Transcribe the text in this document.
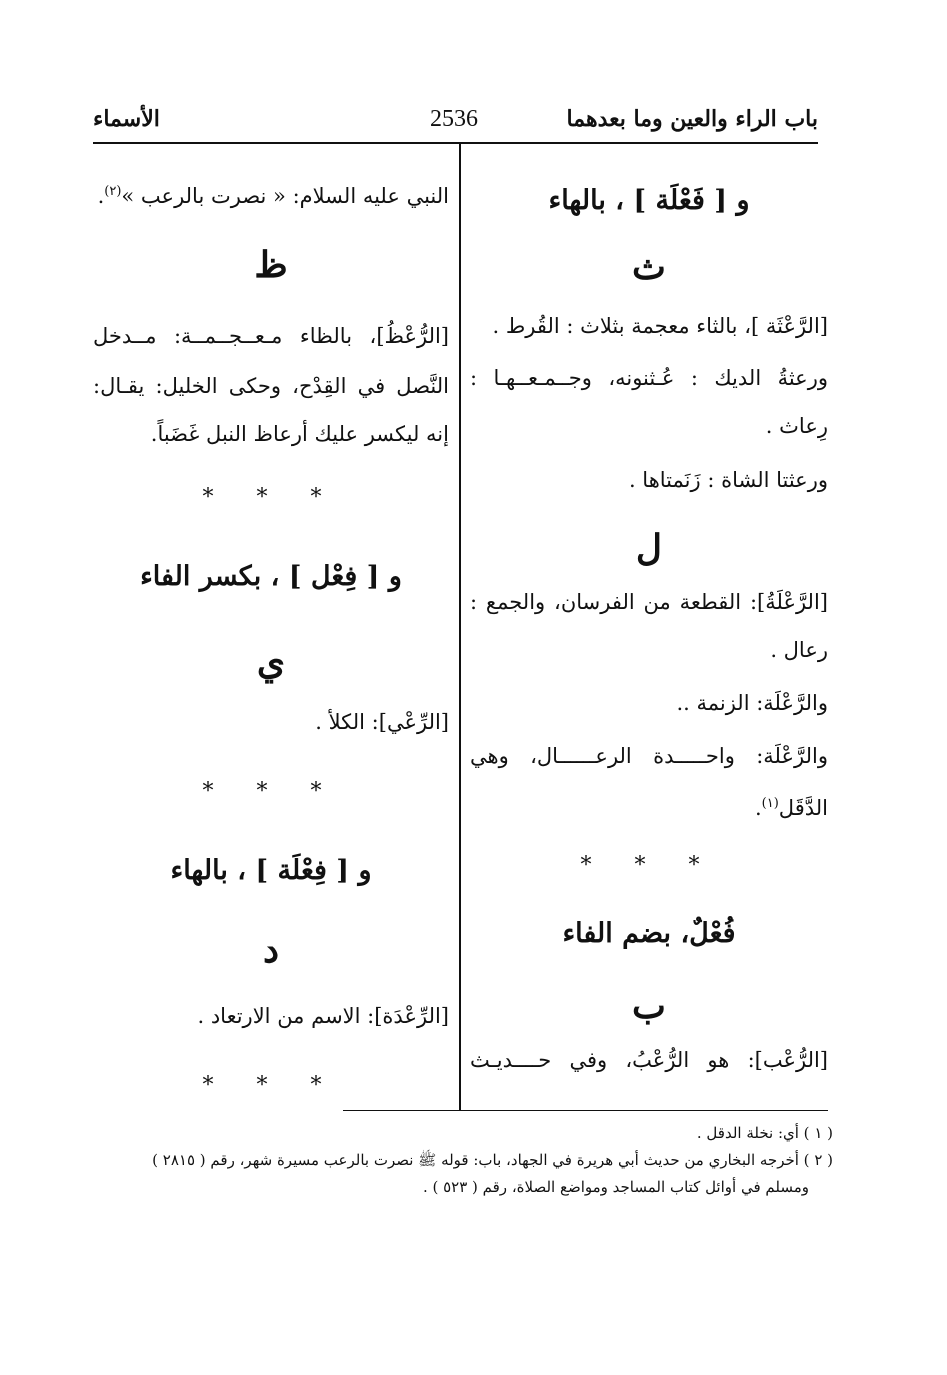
باب الراء والعين وما بعدهما
2536
الأسماء
و [ فَعْلَة ] ، بالهاء
ث
[الرَّعْثَة ]، بالثاء معجمة بثلاث : القُرط .
ورعثةُ الديك : عُـثنونه، وجــمـعــهـا :
رِعاث .
ورعثتا الشاة : زَنَمتاها .
ل
[الرَّعْلَةُ]: القطعة من الفرسان، والجمع :
رعال .
والرَّعْلَة: الزنمة ..
والرَّعْلَة: واحـــــدة الرعــــــال، وهي
الدَّقَل$^{(١)}$.
* * *
فُعْلٌ، بضم الفاء
ب
[الرُّعْب]: هو الرُّعْبُ، وفي حــــديـث
النبي عليه السلام: « نصرت بالرعب »$^{(٢)}$.
ظ
[الرُّعْظُ]، بالظاء مـعــجــمــة: مــدخل
النَّصل في القِدْح، وحكى الخليل: يقـال:
إنه ليكسر عليك أرعاظ النبل غَضَباً.
* * *
و [ فِعْل ] ، بكسر الفاء
ي
[الرِّعْي]: الكلأ .
* * *
و [ فِعْلَة ] ، بالهاء
د
[الرِّعْدَة]: الاسم من الارتعاد .
* * *
( ١ ) أي: نخلة الدقل .
( ٢ ) أخرجه البخاري من حديث أبي هريرة في الجهاد، باب: قوله ﷺ نصرت بالرعب مسيرة شهر، رقم ( ٢٨١٥ )
ومسلم في أوائل كتاب المساجد ومواضع الصلاة، رقم ( ٥٢٣ ) .
